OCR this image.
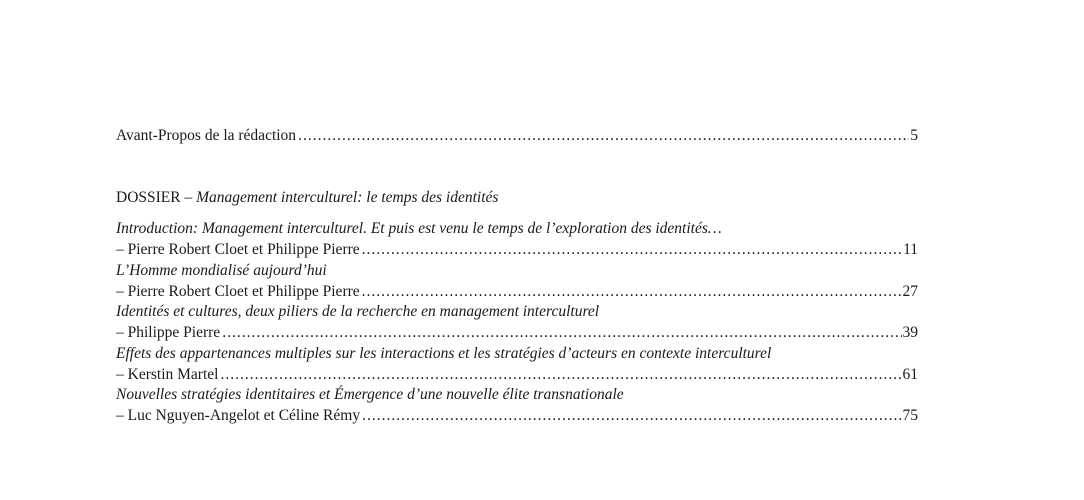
Avant-Propos de la rédaction .....	5
DOSSIER – Management interculturel: le temps des identités
Introduction: Management interculturel. Et puis est venu le temps de l’exploration des identités…
– Pierre Robert Cloet et Philippe Pierre .....	11
L’Homme mondialisé aujourd’hui
– Pierre Robert Cloet et Philippe Pierre .....	27
Identités et cultures, deux piliers de la recherche en management interculturel
– Philippe Pierre .....	39
Effets des appartenances multiples sur les interactions et les stratégies d’acteurs en contexte interculturel
– Kerstin Martel .....	61
Nouvelles stratégies identitaires et Émergence d’une nouvelle élite transnationale
– Luc Nguyen-Angelot et Céline Rémy .....	75
